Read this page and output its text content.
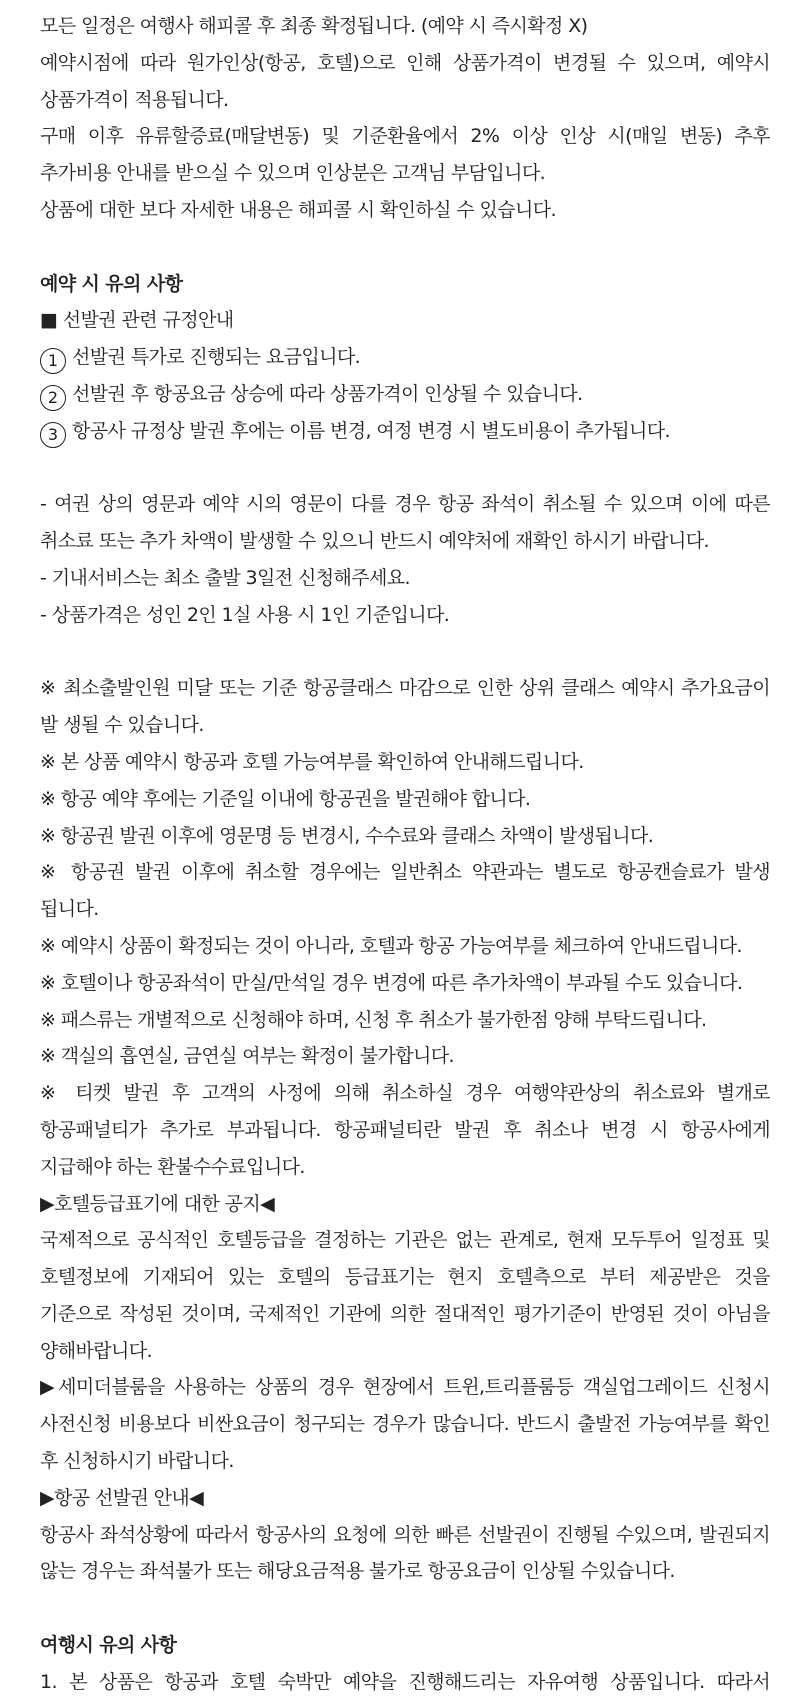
모든 일정은 여행사 해피콜 후 최종 확정됩니다. (예약 시 즉시확정 X)
예약시점에 따라 원가인상(항공, 호텔)으로 인해 상품가격이 변경될 수 있으며, 예약시
상품가격이 적용됩니다.
구매 이후 유류할증료(매달변동) 및 기준환율에서 2% 이상 인상 시(매일 변동) 추후
추가비용 안내를 받으실 수 있으며 인상분은 고객님 부담입니다.
상품에 대한 보다 자세한 내용은 해피콜 시 확인하실 수 있습니다.
예약 시 유의 사항
■ 선발권 관련 규정안내
1 선발권 특가로 진행되는 요금입니다.
2 선발권 후 항공요금 상승에 따라 상품가격이 인상될 수 있습니다.
3 항공사 규정상 발권 후에는 이름 변경, 여정 변경 시 별도비용이 추가됩니다.
- 여권 상의 영문과 예약 시의 영문이 다를 경우 항공 좌석이 취소될 수 있으며 이에 따른
취소료 또는 추가 차액이 발생할 수 있으니 반드시 예약처에 재확인 하시기 바랍니다.
- 기내서비스는 최소 출발 3일전 신청해주세요.
- 상품가격은 성인 2인 1실 사용 시 1인 기준입니다.
※ 최소출발인원 미달 또는 기준 항공클래스 마감으로 인한 상위 클래스 예약시 추가요금이
발 생될 수 있습니다.
※ 본 상품 예약시 항공과 호텔 가능여부를 확인하여 안내해드립니다.
※ 항공 예약 후에는 기준일 이내에 항공권을 발권해야 합니다.
※ 항공권 발권 이후에 영문명 등 변경시, 수수료와 클래스 차액이 발생됩니다.
※ 항공권 발권 이후에 취소할 경우에는 일반취소 약관과는 별도로 항공캔슬료가 발생
됩니다.
※ 예약시 상품이 확정되는 것이 아니라, 호텔과 항공 가능여부를 체크하여 안내드립니다.
※ 호텔이나 항공좌석이 만실/만석일 경우 변경에 따른 추가차액이 부과될 수도 있습니다.
※ 패스류는 개별적으로 신청해야 하며, 신청 후 취소가 불가한점 양해 부탁드립니다.
※ 객실의 흡연실, 금연실 여부는 확정이 불가합니다.
※ 티켓 발권 후 고객의 사정에 의해 취소하실 경우 여행약관상의 취소료와 별개로
항공패널티가 추가로 부과됩니다. 항공패널티란 발권 후 취소나 변경 시 항공사에게
지급해야 하는 환불수수료입니다.
▶호텔등급표기에 대한 공지◀
국제적으로 공식적인 호텔등급을 결정하는 기관은 없는 관계로, 현재 모두투어 일정표 및
호텔정보에 기재되어 있는 호텔의 등급표기는 현지 호텔측으로 부터 제공받은 것을
기준으로 작성된 것이며, 국제적인 기관에 의한 절대적인 평가기준이 반영된 것이 아님을
양해바랍니다.
▶세미더블룸을 사용하는 상품의 경우 현장에서 트윈,트리플룸등 객실업그레이드 신청시
사전신청 비용보다 비싼요금이 청구되는 경우가 많습니다. 반드시 출발전 가능여부를 확인
후 신청하시기 바랍니다.
▶항공 선발권 안내◀
항공사 좌석상황에 따라서 항공사의 요청에 의한 빠른 선발권이 진행될 수있으며, 발권되지
않는 경우는 좌석불가 또는 해당요금적용 불가로 항공요금이 인상될 수있습니다.
여행시 유의 사항
1. 본 상품은 항공과 호텔 숙박만 예약을 진행해드리는 자유여행 상품입니다. 따라서
